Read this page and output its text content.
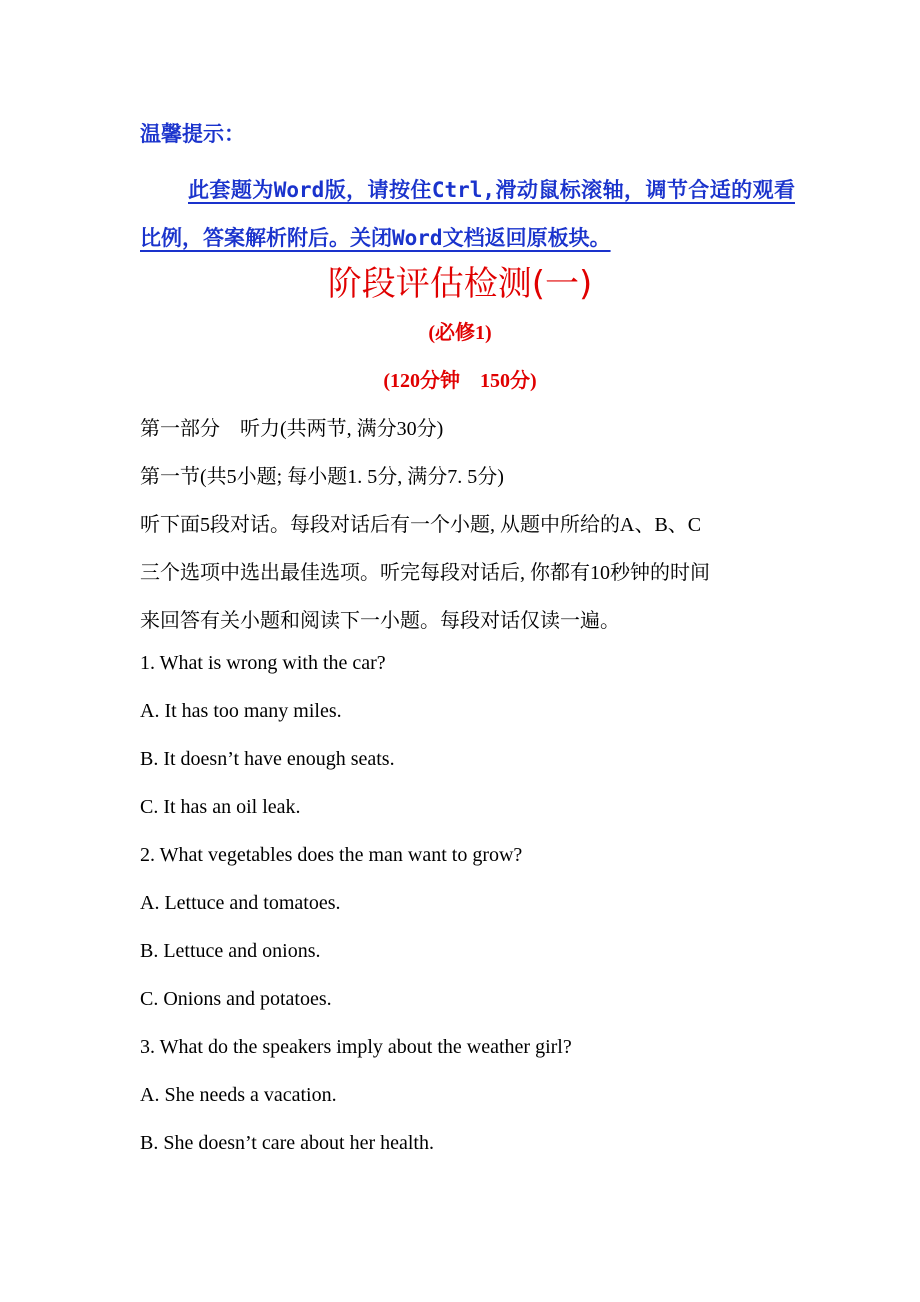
温馨提示：
此套题为Word版，请按住Ctrl,滑动鼠标滚轴，调节合适的观看比例，答案解析附后。关闭Word文档返回原板块。
阶段评估检测(一)
(必修1)
(120分钟　150分)
第一部分　听力(共两节, 满分30分)
第一节(共5小题; 每小题1. 5分, 满分7. 5分)
听下面5段对话。每段对话后有一个小题, 从题中所给的A、B、C
三个选项中选出最佳选项。听完每段对话后, 你都有10秒钟的时间
来回答有关小题和阅读下一小题。每段对话仅读一遍。
1. What is wrong with the car?
A. It has too many miles.
B. It doesn’t have enough seats.
C. It has an oil leak.
2. What vegetables does the man want to grow?
A. Lettuce and tomatoes.
B. Lettuce and onions.
C. Onions and potatoes.
3. What do the speakers imply about the weather girl?
A. She needs a vacation.
B. She doesn’t care about her health.
